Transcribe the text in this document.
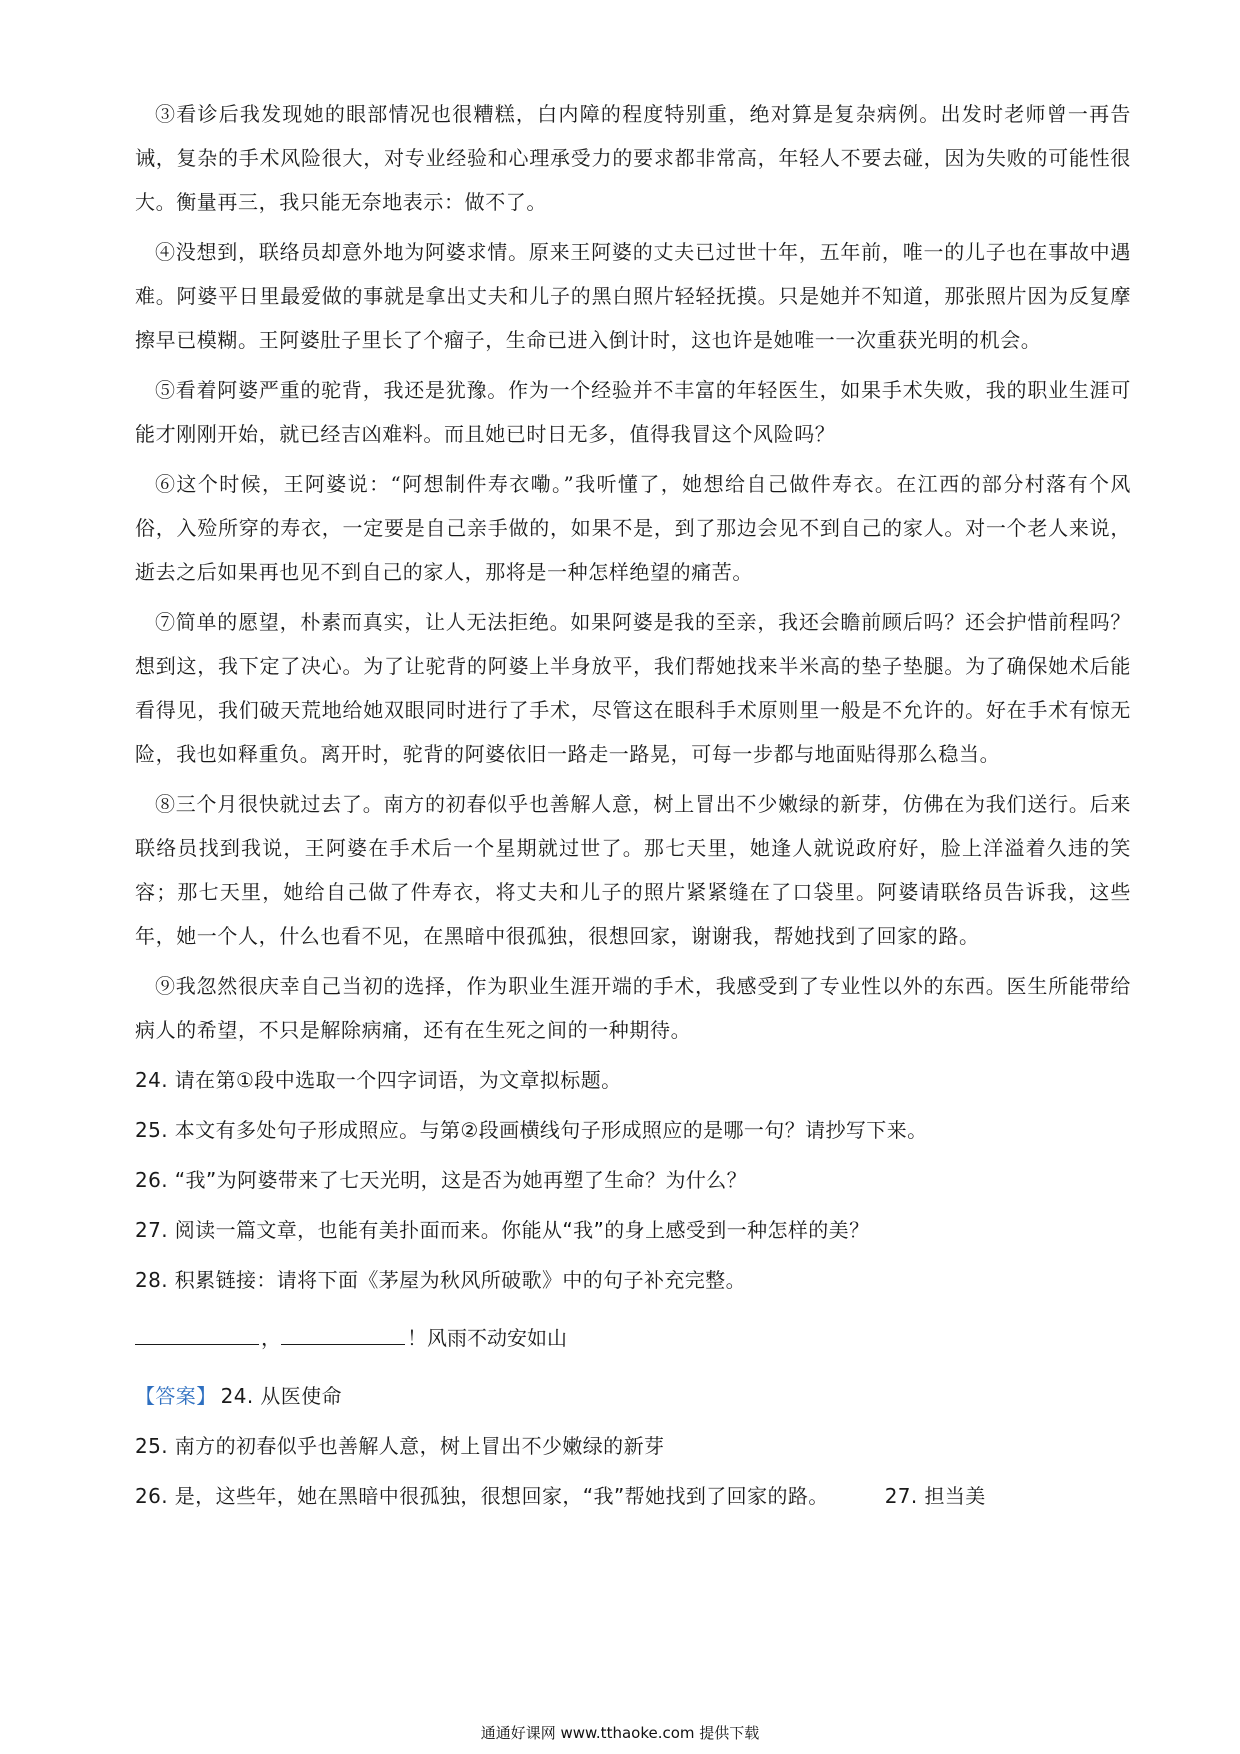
③看诊后我发现她的眼部情况也很糟糕，白内障的程度特别重，绝对算是复杂病例。出发时老师曾一再告诫，复杂的手术风险很大，对专业经验和心理承受力的要求都非常高，年轻人不要去碰，因为失败的可能性很大。衡量再三，我只能无奈地表示：做不了。

④没想到，联络员却意外地为阿婆求情。原来王阿婆的丈夫已过世十年，五年前，唯一的儿子也在事故中遇难。阿婆平日里最爱做的事就是拿出丈夫和儿子的黑白照片轻轻抚摸。只是她并不知道，那张照片因为反复摩擦早已模糊。王阿婆肚子里长了个瘤子，生命已进入倒计时，这也许是她唯一一次重获光明的机会。

⑤看着阿婆严重的驼背，我还是犹豫。作为一个经验并不丰富的年轻医生，如果手术失败，我的职业生涯可能才刚刚开始，就已经吉凶难料。而且她已时日无多，值得我冒这个风险吗？

⑥这个时候，王阿婆说：“阿想制件寿衣嘞。”我听懂了，她想给自己做件寿衣。在江西的部分村落有个风俗，入殓所穿的寿衣，一定要是自己亲手做的，如果不是，到了那边会见不到自己的家人。对一个老人来说，逝去之后如果再也见不到自己的家人，那将是一种怎样绝望的痛苦。

⑦简单的愿望，朴素而真实，让人无法拒绝。如果阿婆是我的至亲，我还会瞻前顾后吗？还会护惜前程吗？想到这，我下定了决心。为了让驼背的阿婆上半身放平，我们帮她找来半米高的垫子垫腿。为了确保她术后能看得见，我们破天荒地给她双眼同时进行了手术，尽管这在眼科手术原则里一般是不允许的。好在手术有惊无险，我也如释重负。离开时，驼背的阿婆依旧一路走一路晃，可每一步都与地面贴得那么稳当。

⑧三个月很快就过去了。南方的初春似乎也善解人意，树上冒出不少嫩绿的新芽，仿佛在为我们送行。后来联络员找到我说，王阿婆在手术后一个星期就过世了。那七天里，她逢人就说政府好，脸上洋溢着久违的笑容；那七天里，她给自己做了件寿衣，将丈夫和儿子的照片紧紧缝在了口袋里。阿婆请联络员告诉我，这些年，她一个人，什么也看不见，在黑暗中很孤独，很想回家，谢谢我，帮她找到了回家的路。

⑨我忽然很庆幸自己当初的选择，作为职业生涯开端的手术，我感受到了专业性以外的东西。医生所能带给病人的希望，不只是解除病痛，还有在生死之间的一种期待。

24. 请在第①段中选取一个四字词语，为文章拟标题。

25. 本文有多处句子形成照应。与第②段画横线句子形成照应的是哪一句？请抄写下来。

26. “我”为阿婆带来了七天光明，这是否为她再塑了生命？为什么？

27. 阅读一篇文章，也能有美扑面而来。你能从“我”的身上感受到一种怎样的美？

28. 积累链接：请将下面《茅屋为秋风所破歌》中的句子补充完整。

，	！风雨不动安如山

【答案】 24. 从医使命

25. 南方的初春似乎也善解人意，树上冒出不少嫩绿的新芽

26. 是，这些年，她在黑暗中很孤独，很想回家，“我”帮她找到了回家的路。	27. 担当美

通通好课网 www.tthaoke.com 提供下载
